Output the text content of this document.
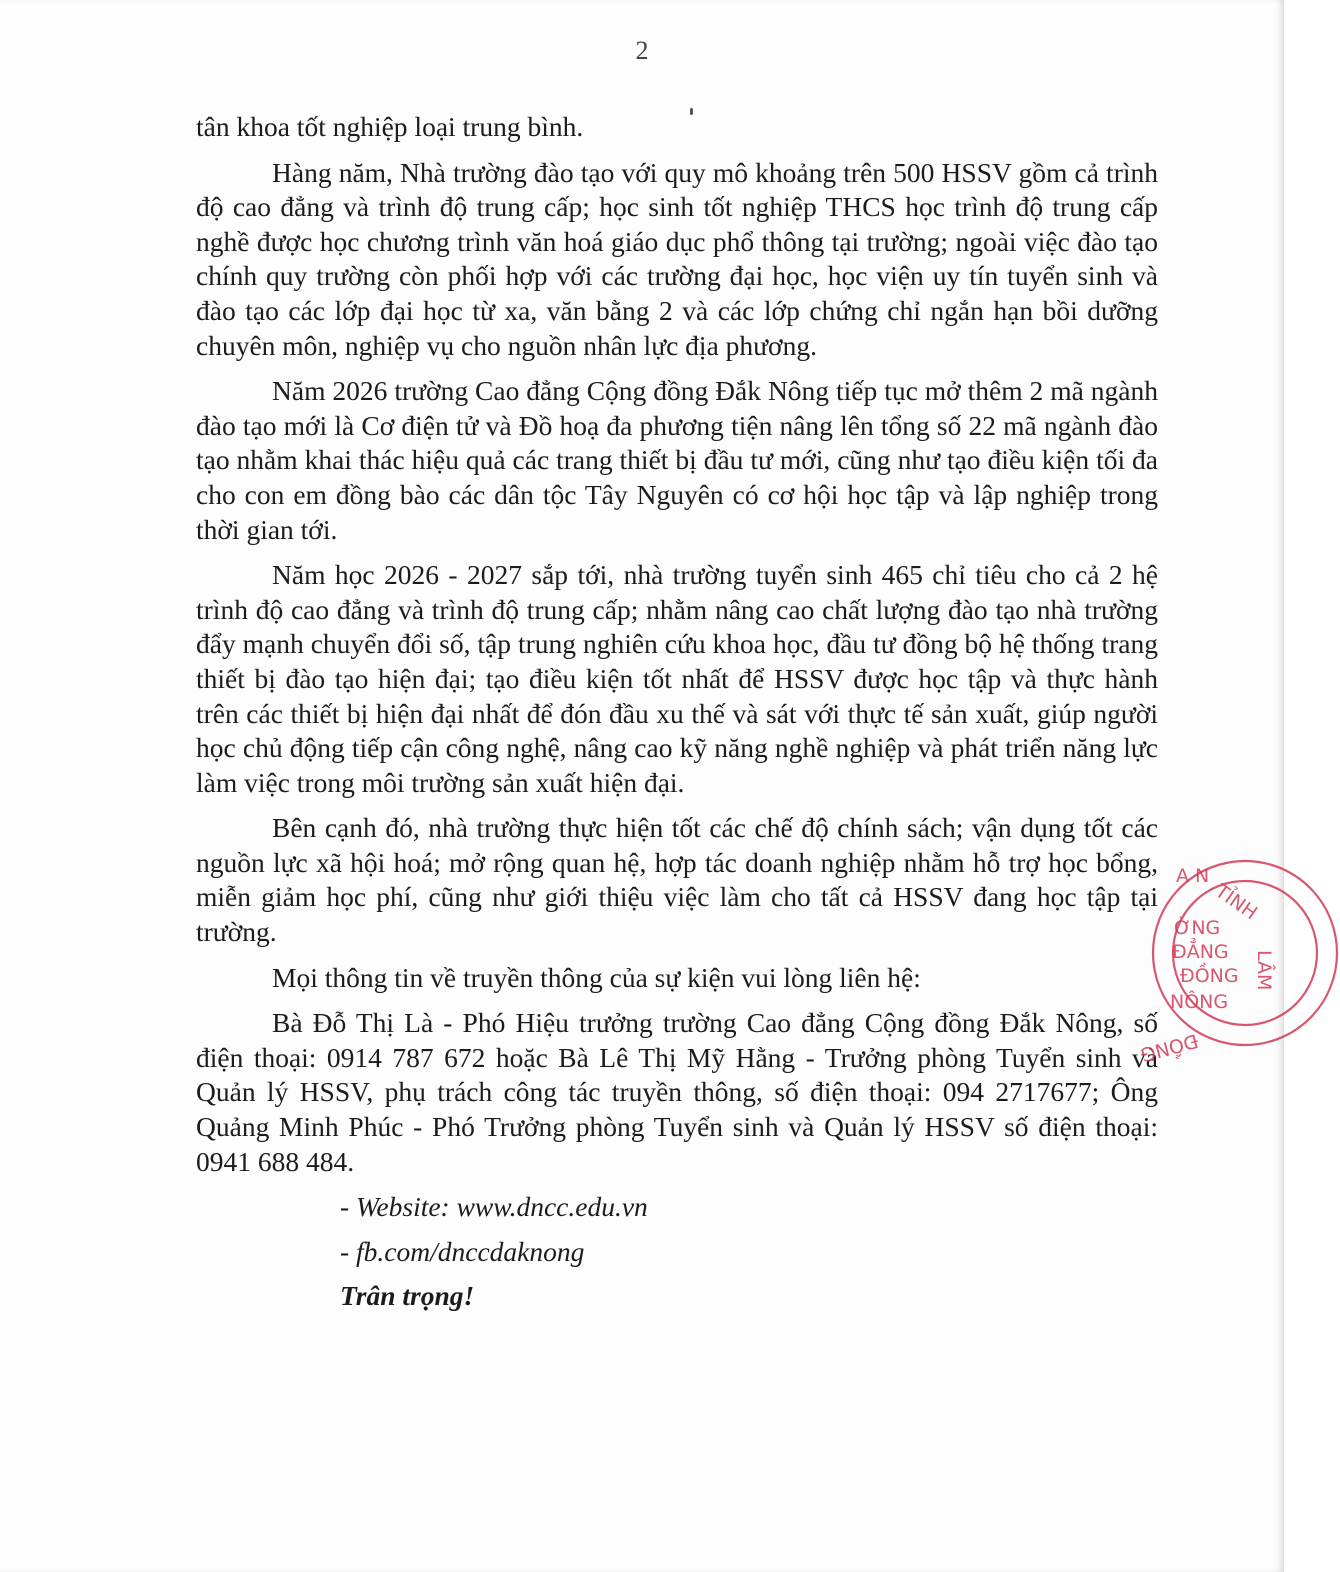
2

tân khoa tốt nghiệp loại trung bình.

Hàng năm, Nhà trường đào tạo với quy mô khoảng trên 500 HSSV gồm cả trình độ cao đẳng và trình độ trung cấp; học sinh tốt nghiệp THCS học trình độ trung cấp nghề được học chương trình văn hoá giáo dục phổ thông tại trường; ngoài việc đào tạo chính quy trường còn phối hợp với các trường đại học, học viện uy tín tuyển sinh và đào tạo các lớp đại học từ xa, văn bằng 2 và các lớp chứng chỉ ngắn hạn bồi dưỡng chuyên môn, nghiệp vụ cho nguồn nhân lực địa phương.

Năm 2026 trường Cao đẳng Cộng đồng Đắk Nông tiếp tục mở thêm 2 mã ngành đào tạo mới là Cơ điện tử và Đồ hoạ đa phương tiện nâng lên tổng số 22 mã ngành đào tạo nhằm khai thác hiệu quả các trang thiết bị đầu tư mới, cũng như tạo điều kiện tối đa cho con em đồng bào các dân tộc Tây Nguyên có cơ hội học tập và lập nghiệp trong thời gian tới.

Năm học 2026 - 2027 sắp tới, nhà trường tuyển sinh 465 chỉ tiêu cho cả 2 hệ trình độ cao đẳng và trình độ trung cấp; nhằm nâng cao chất lượng đào tạo nhà trường đẩy mạnh chuyển đổi số, tập trung nghiên cứu khoa học, đầu tư đồng bộ hệ thống trang thiết bị đào tạo hiện đại; tạo điều kiện tốt nhất để HSSV được học tập và thực hành trên các thiết bị hiện đại nhất để đón đầu xu thế và sát với thực tế sản xuất, giúp người học chủ động tiếp cận công nghệ, nâng cao kỹ năng nghề nghiệp và phát triển năng lực làm việc trong môi trường sản xuất hiện đại.

Bên cạnh đó, nhà trường thực hiện tốt các chế độ chính sách; vận dụng tốt các nguồn lực xã hội hoá; mở rộng quan hệ, hợp tác doanh nghiệp nhằm hỗ trợ học bổng, miễn giảm học phí, cũng như giới thiệu việc làm cho tất cả HSSV đang học tập tại trường.

Mọi thông tin về truyền thông của sự kiện vui lòng liên hệ:

Bà Đỗ Thị Là - Phó Hiệu trưởng trường Cao đẳng Cộng đồng Đắk Nông, số điện thoại: 0914 787 672 hoặc Bà Lê Thị Mỹ Hằng - Trưởng phòng Tuyển sinh và Quản lý HSSV, phụ trách công tác truyền thông, số điện thoại: 094 2717677; Ông Quảng Minh Phúc - Phó Trưởng phòng Tuyển sinh và Quản lý HSSV số điện thoại: 0941 688 484.

- Website: www.dncc.edu.vn

- fb.com/dnccdaknong

Trân trọng!

A N
TỈNH
LÂM
ĐỒNG
ỜNG
ĐẲNG
ĐỒNG
NÔNG
